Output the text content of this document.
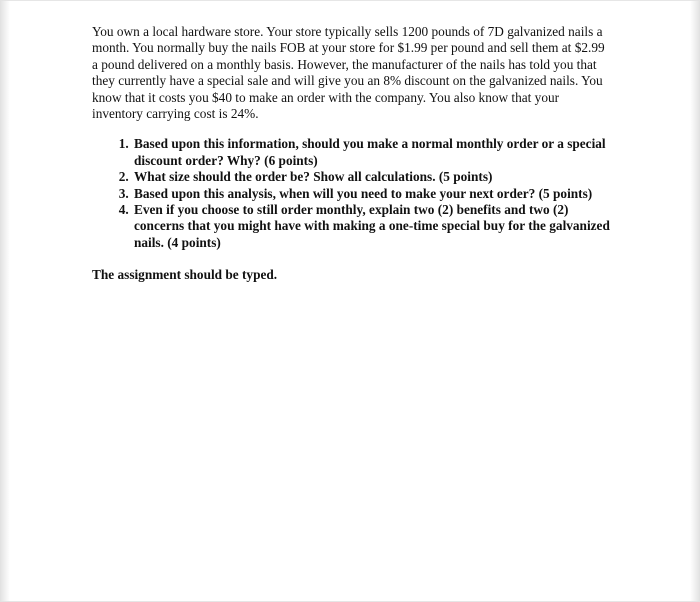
You own a local hardware store. Your store typically sells 1200 pounds of 7D galvanized nails a month. You normally buy the nails FOB at your store for $1.99 per pound and sell them at $2.99 a pound delivered on a monthly basis. However, the manufacturer of the nails has told you that they currently have a special sale and will give you an 8% discount on the galvanized nails. You know that it costs you $40 to make an order with the company. You also know that your inventory carrying cost is 24%.

1. Based upon this information, should you make a normal monthly order or a special discount order? Why? (6 points)
2. What size should the order be? Show all calculations. (5 points)
3. Based upon this analysis, when will you need to make your next order? (5 points)
4. Even if you choose to still order monthly, explain two (2) benefits and two (2) concerns that you might have with making a one-time special buy for the galvanized nails. (4 points)

The assignment should be typed.
